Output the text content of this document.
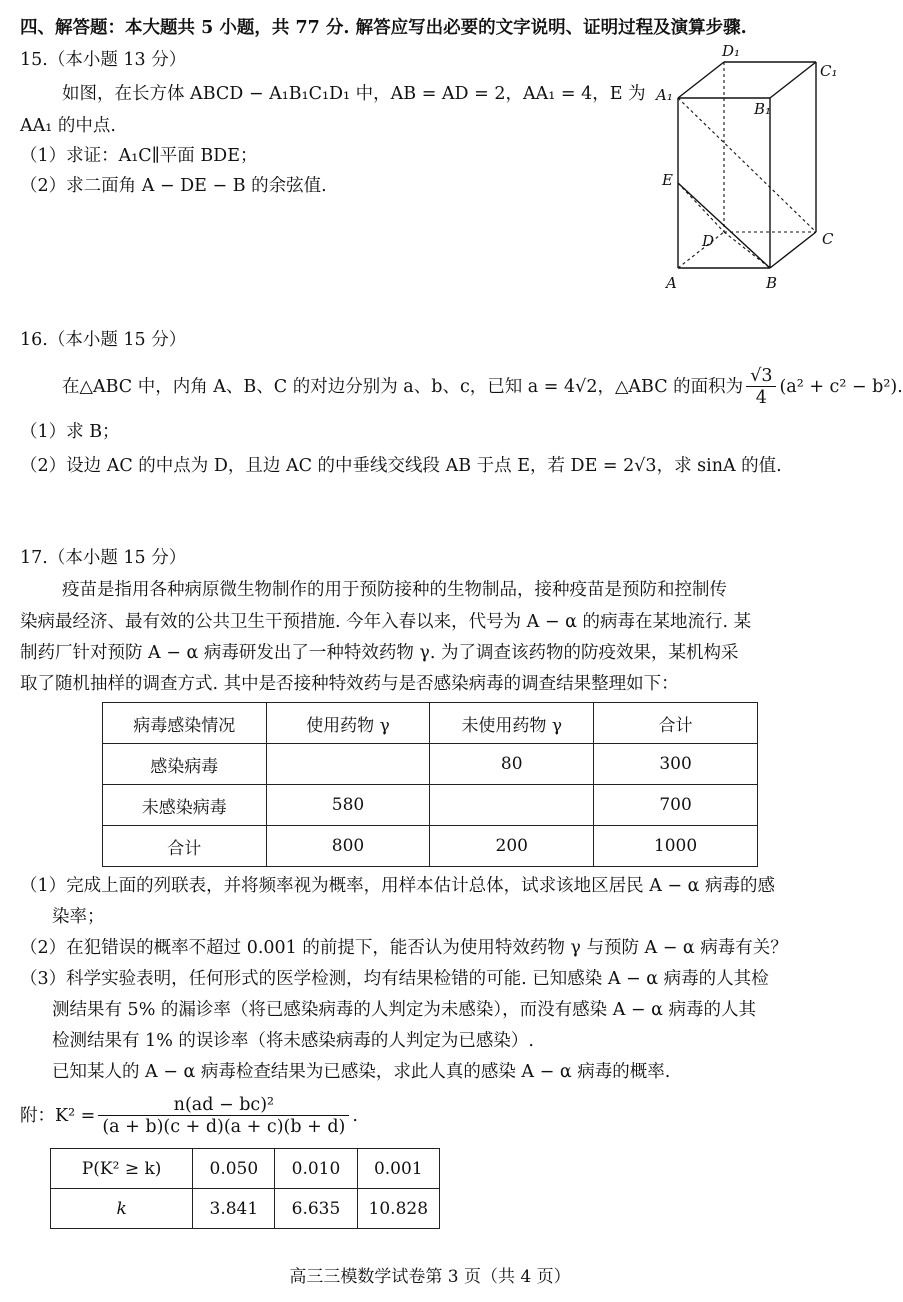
四、解答题：本大题共 5 小题，共 77 分. 解答应写出必要的文字说明、证明过程及演算步骤.
15.（本小题 13 分）
如图，在长方体 ABCD − A₁B₁C₁D₁ 中，AB = AD = 2，AA₁ = 4，E 为
AA₁ 的中点.
（1）求证：A₁C∥平面 BDE；
（2）求二面角 A − DE − B 的余弦值.
A₁
B₁
C₁
D₁
A	B
C
D
E
16.（本小题 15 分）
在△ABC 中，内角 A、B、C 的对边分别为 a、b、c，已知 a = 4√2，△ABC 的面积为 $\frac{√3}{4} (a^2 + c^2 - b^2)$.
（1）求 B；
（2）设边 AC 的中点为 D，且边 AC 的中垂线交线段 AB 于点 E，若 DE = 2√3，求 sinA 的值.
17.（本小题 15 分）
疫苗是指用各种病原微生物制作的用于预防接种的生物制品，接种疫苗是预防和控制传
染病最经济、最有效的公共卫生干预措施. 今年入春以来，代号为 A − α 的病毒在某地流行. 某
制药厂针对预防 A − α 病毒研发出了一种特效药物 γ. 为了调查该药物的防疫效果，某机构采
取了随机抽样的调查方式. 其中是否接种特效药与是否感染病毒的调查结果整理如下：
病毒感染情况	使用药物 γ	未使用药物 γ	合计
感染病毒		80	300
未感染病毒	580		700
合计	800	200	1000
（1）完成上面的列联表，并将频率视为概率，用样本估计总体，试求该地区居民 A − α 病毒的感
染率；
（2）在犯错误的概率不超过 0.001 的前提下，能否认为使用特效药物 γ 与预防 A − α 病毒有关？
（3）科学实验表明，任何形式的医学检测，均有结果检错的可能. 已知感染 A − α 病毒的人其检
测结果有 5% 的漏诊率（将已感染病毒的人判定为未感染），而没有感染 A − α 病毒的人其
检测结果有 1% 的误诊率（将未感染病毒的人判定为已感染）.
已知某人的 A − α 病毒检查结果为已感染，求此人真的感染 A − α 病毒的概率.
附：$K^2 = \frac{\text{n(ad − bc)²}}{(a + b)(c + d)(a + c)(b + d)}$ .
P(K² ≥ k)	0.050	0.010	0.001
k	3.841	6.635	10.828
高三三模数学试卷第 3 页（共 4 页）
